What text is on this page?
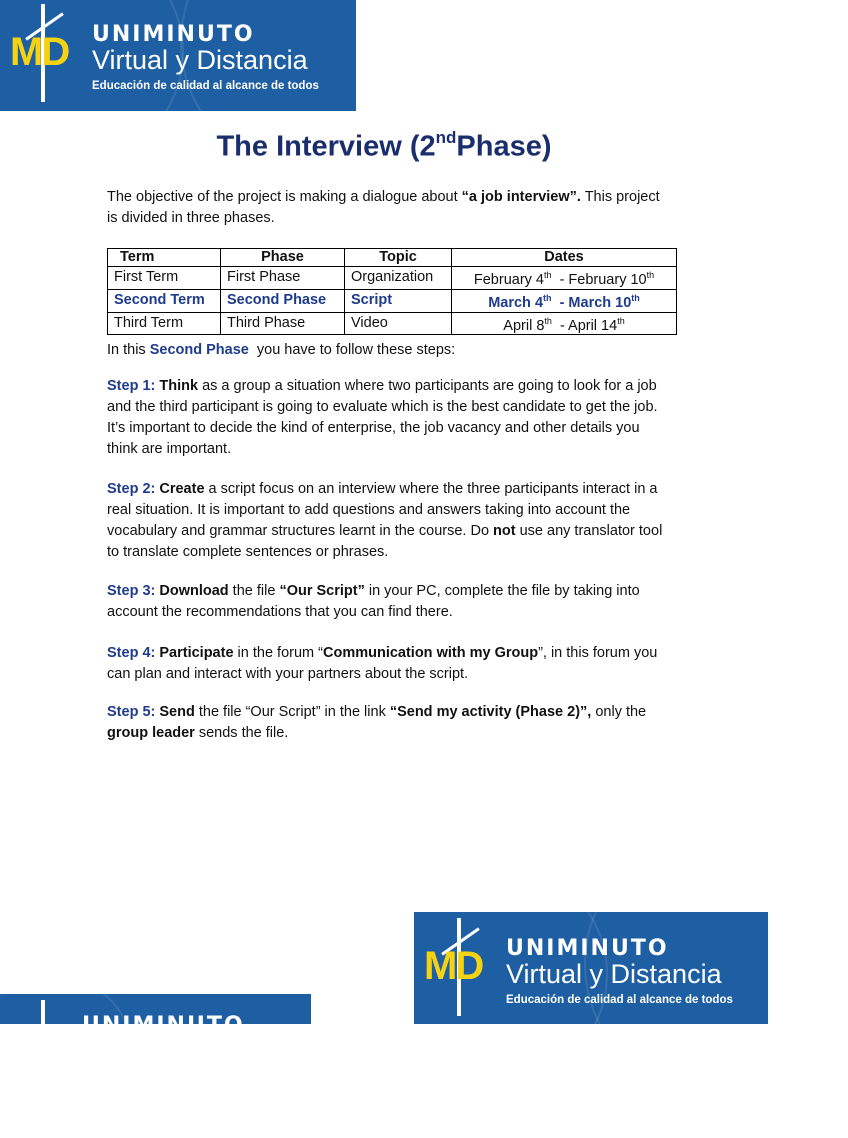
MD UNIMINUTO
Virtual y Distancia
Educación de calidad al alcance de todos
The Interview (2ndPhase)
The objective of the project is making a dialogue about “a job interview”. This project is divided in three phases.
Term	Phase	Topic	Dates
First Term	First Phase	Organization	February 4th  - February 10th
Second Term	Second Phase	Script	March 4th  - March 10th
Third Term	Third Phase	Video	April 8th  - April 14th
In this Second Phase  you have to follow these steps:
Step 1: Think as a group a situation where two participants are going to look for a job and the third participant is going to evaluate which is the best candidate to get the job. It’s important to decide the kind of enterprise, the job vacancy and other details you think are important.
Step 2: Create a script focus on an interview where the three participants interact in a real situation. It is important to add questions and answers taking into account the vocabulary and grammar structures learnt in the course. Do not use any translator tool to translate complete sentences or phrases.
Step 3: Download the file “Our Script” in your PC, complete the file by taking into account the recommendations that you can find there.
Step 4: Participate in the forum “Communication with my Group”, in this forum you can plan and interact with your partners about the script.
Step 5: Send the file “Our Script” in the link “Send my activity (Phase 2)”, only the group leader sends the file.
MD UNIMINUTO
Virtual y Distancia
Educación de calidad al alcance de todos
UNIMINUTO
